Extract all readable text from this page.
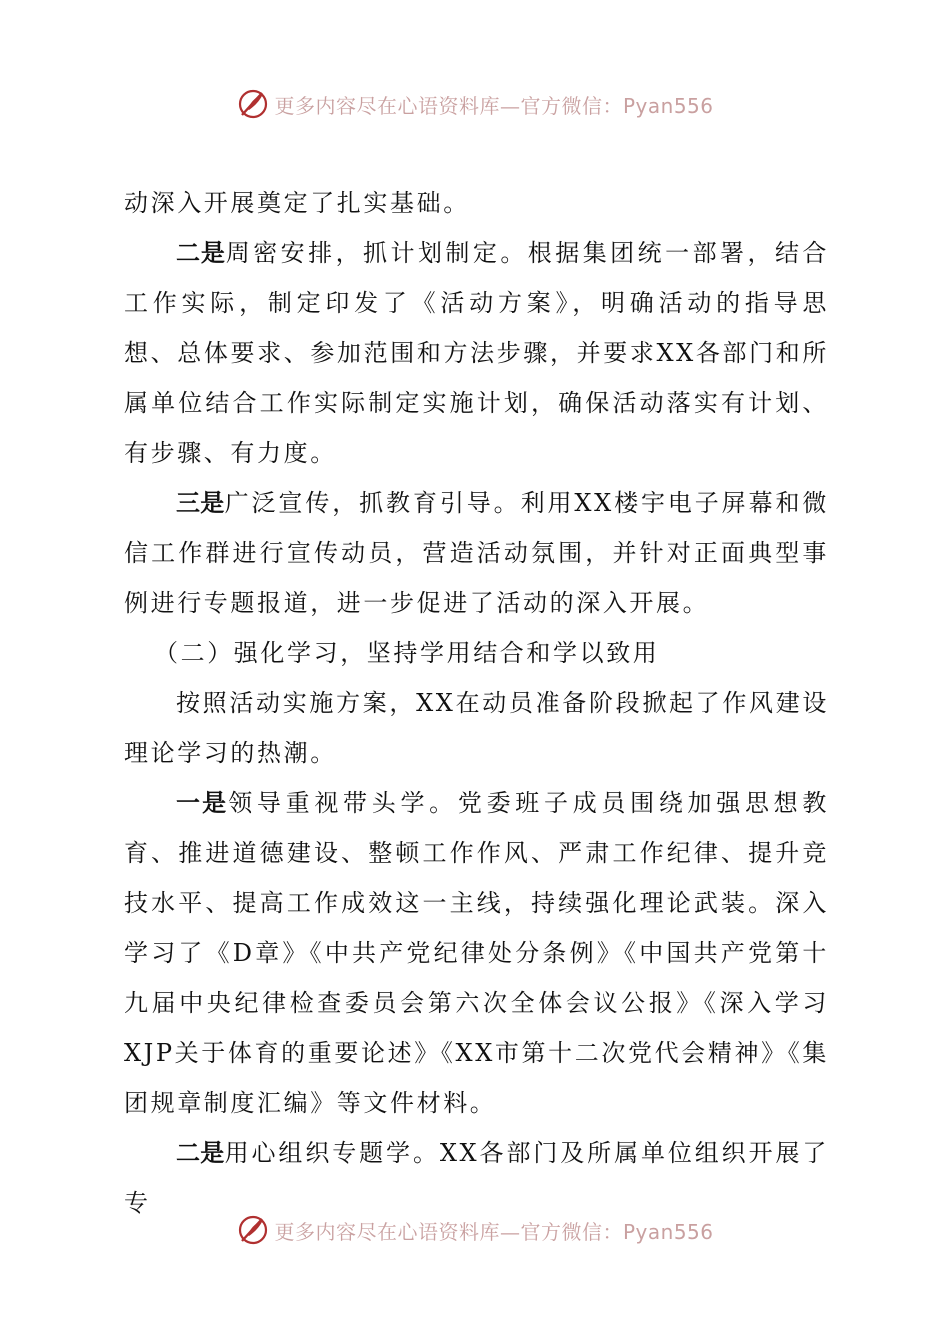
更多内容尽在心语资料库—官方微信：Pyan556

动深入开展奠定了扎实基础。

二是周密安排，抓计划制定。根据集团统一部署，结合工作实际，制定印发了《活动方案》，明确活动的指导思想、总体要求、参加范围和方法步骤，并要求XX各部门和所属单位结合工作实际制定实施计划，确保活动落实有计划、有步骤、有力度。

三是广泛宣传，抓教育引导。利用XX楼宇电子屏幕和微信工作群进行宣传动员，营造活动氛围，并针对正面典型事例进行专题报道，进一步促进了活动的深入开展。

（二）强化学习，坚持学用结合和学以致用

按照活动实施方案，XX在动员准备阶段掀起了作风建设理论学习的热潮。

一是领导重视带头学。党委班子成员围绕加强思想教育、推进道德建设、整顿工作作风、严肃工作纪律、提升竞技水平、提高工作成效这一主线，持续强化理论武装。深入学习了《D章》《中共产党纪律处分条例》《中国共产党第十九届中央纪律检查委员会第六次全体会议公报》《深入学习XJP关于体育的重要论述》《XX市第十二次党代会精神》《集团规章制度汇编》等文件材料。

二是用心组织专题学。XX各部门及所属单位组织开展了专

更多内容尽在心语资料库—官方微信：Pyan556
